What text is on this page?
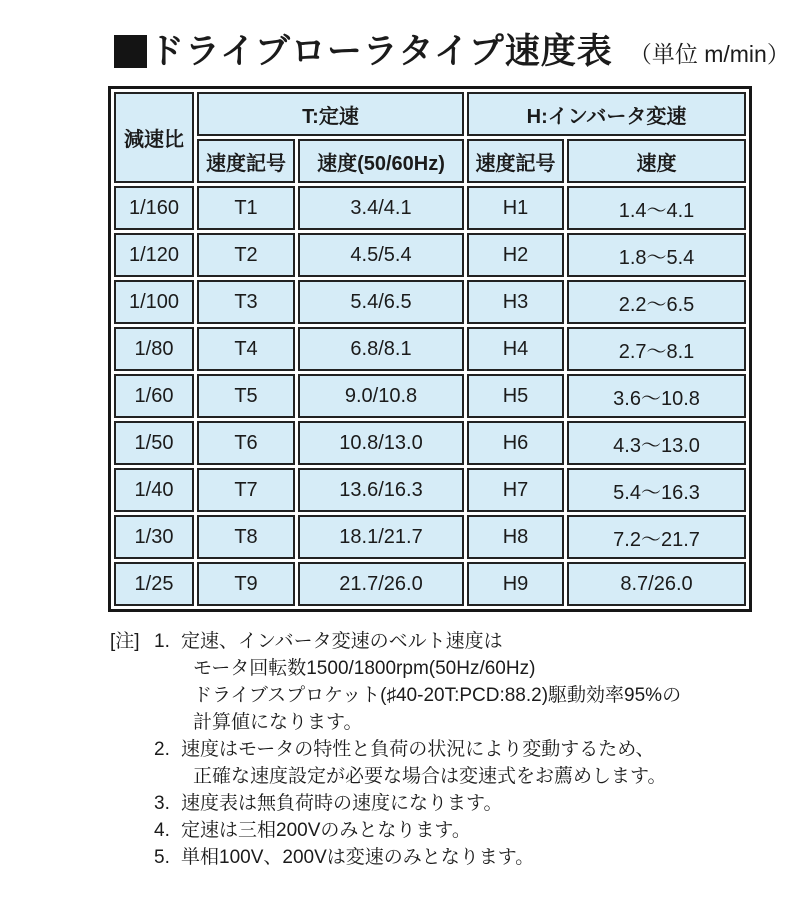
ドライブローラタイプ速度表 （単位 m/min）
減速比	T:定速		H:インバータ変速	
	速度記号	速度(50/60Hz)	速度記号	速度
1/160	T1	3.4/4.1	H1	1.4〜4.1
1/120	T2	4.5/5.4	H2	1.8〜5.4
1/100	T3	5.4/6.5	H3	2.2〜6.5
1/80	T4	6.8/8.1	H4	2.7〜8.1
1/60	T5	9.0/10.8	H5	3.6〜10.8
1/50	T6	10.8/13.0	H6	4.3〜13.0
1/40	T7	13.6/16.3	H7	5.4〜16.3
1/30	T8	18.1/21.7	H8	7.2〜21.7
1/25	T9	21.7/26.0	H9	8.7/26.0
[注] 1. 定速、インバータ変速のベルト速度は
モータ回転数1500/1800rpm(50Hz/60Hz)
ドライブスプロケット(♯40-20T:PCD:88.2)駆動効率95%の
計算値になります。
2. 速度はモータの特性と負荷の状況により変動するため、
正確な速度設定が必要な場合は変速式をお薦めします。
3. 速度表は無負荷時の速度になります。
4. 定速は三相200Vのみとなります。
5. 単相100V、200Vは変速のみとなります。
